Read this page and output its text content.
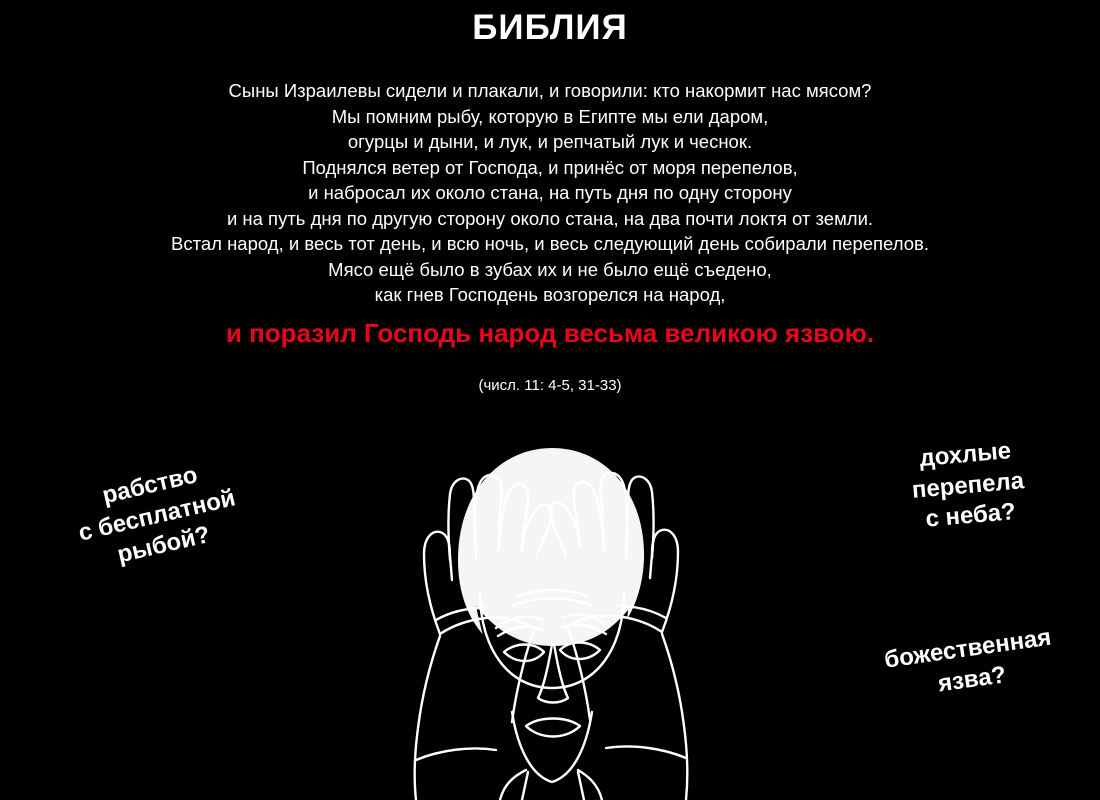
БИБЛИЯ
Сыны Израилевы сидели и плакали, и говорили: кто накормит нас мясом?
Мы помним рыбу, которую в Египте мы ели даром,
огурцы и дыни, и лук, и репчатый лук и чеснок.
Поднялся ветер от Господа, и принёс от моря перепелов,
и набросал их около стана, на путь дня по одну сторону
и на путь дня по другую сторону около стана, на два почти локтя от земли.
Встал народ, и весь тот день, и всю ночь, и весь следующий день собирали перепелов.
Мясо ещё было в зубах их и не было ещё съедено,
как гнев Господень возгорелся на народ,
и поразил Господь народ весьма великою язвою.
(числ. 11: 4-5, 31-33)
рабство
с бесплатной
рыбой?
дохлые
перепела
с неба?
божественная
язва?
